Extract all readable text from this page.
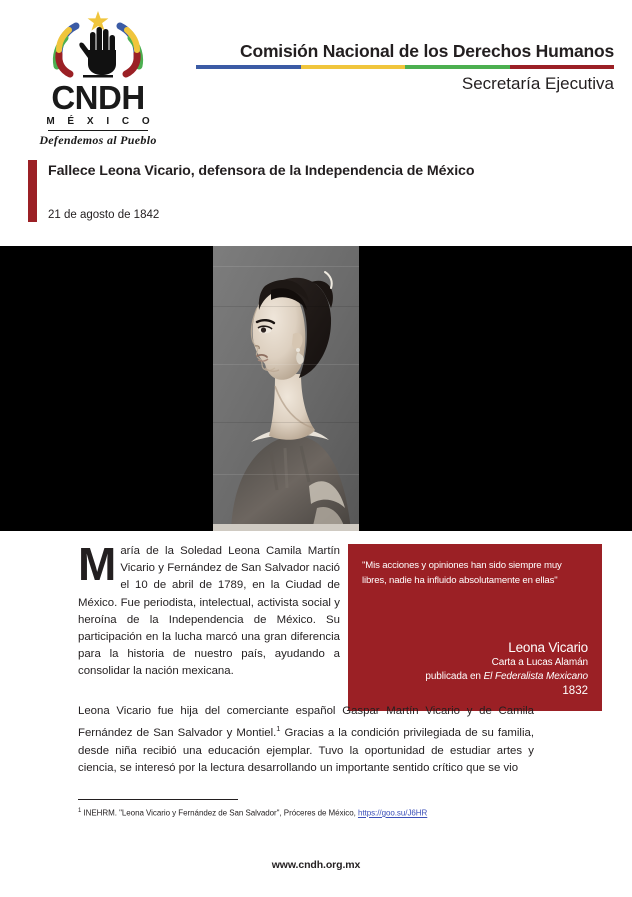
CNDH
M É X I C O
Defendemos al Pueblo
Comisión Nacional de los Derechos Humanos
Secretaría Ejecutiva
Fallece Leona Vicario, defensora de la Independencia de México
21 de agosto de 1842
"Mis acciones y opiniones han sido siempre muy libres, nadie ha influido absolutamente en ellas"
Leona Vicario
Carta a Lucas Alamán
publicada en El Federalista Mexicano
1832
María de la Soledad Leona Camila Martín Vicario y Fernández de San Salvador nació el 10 de abril de 1789, en la Ciudad de México. Fue periodista, intelectual, activista social y heroína de la Independencia de México. Su participación en la lucha marcó una gran diferencia para la historia de nuestro país, ayudando a consolidar la nación mexicana.
Leona Vicario fue hija del comerciante español Gaspar Martín Vicario y de Camila Fernández de San Salvador y Montiel.$^1$ Gracias a la condición privilegiada de su familia, desde niña recibió una educación ejemplar. Tuvo la oportunidad de estudiar artes y ciencia, se interesó por la lectura desarrollando un importante sentido crítico que se vio
$^1$ INEHRM. "Leona Vicario y Fernández de San Salvador", Próceres de México, https://goo.su/J6HR
www.cndh.org.mx
